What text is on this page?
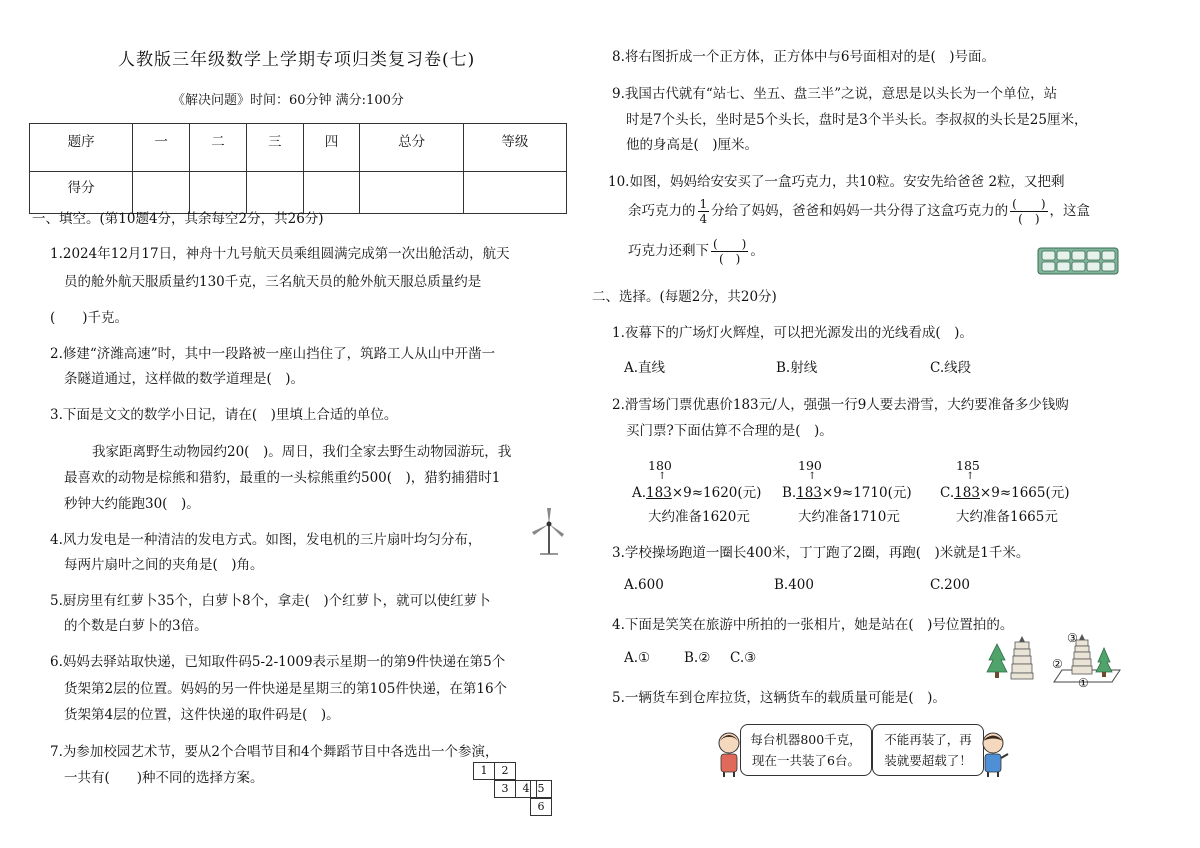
人教版三年级数学上学期专项归类复习卷(七)
《解决问题》时间：60分钟 满分:100分
题序	一	二	三	四	总分	等级
得分						
一、填空。(第10题4分，其余每空2分，共26分)
1.2024年12月17日，神舟十九号航天员乘组圆满完成第一次出舱活动，航天
员的舱外航天服质量约130千克，三名航天员的舱外航天服总质量约是
(　　)千克。
2.修建“济潍高速”时，其中一段路被一座山挡住了，筑路工人从山中开凿一
条隧道通过，这样做的数学道理是(　)。
3.下面是文文的数学小日记，请在(　)里填上合适的单位。
我家距离野生动物园约20(　)。周日，我们全家去野生动物园游玩，我
最喜欢的动物是棕熊和猎豹，最重的一头棕熊重约500(　)，猎豹捕猎时1
秒钟大约能跑30(　)。
4.风力发电是一种清洁的发电方式。如图，发电机的三片扇叶均匀分布，
每两片扇叶之间的夹角是(　)角。
5.厨房里有红萝卜35个，白萝卜8个，拿走(　)个红萝卜，就可以使红萝卜
的个数是白萝卜的3倍。
6.妈妈去驿站取快递，已知取件码5-2-1009表示星期一的第9件快递在第5个
货架第2层的位置。妈妈的另一件快递是星期三的第105件快递，在第16个
货架第4层的位置，这件快递的取件码是(　)。
7.为参加校园艺术节，要从2个合唱节目和4个舞蹈节目中各选出一个参演，
一共有(　　)种不同的选择方案。	1	2
3	4 5
6
8.将右图折成一个正方体，正方体中与6号面相对的是(　)号面。
9.我国古代就有“站七、坐五、盘三半”之说，意思是以头长为一个单位，站
时是7个头长，坐时是5个头长，盘时是3个半头长。李叔叔的头长是25厘米，
他的身高是(　)厘米。
10.如图，妈妈给安安买了一盒巧克力，共10粒。安安先给爸爸 2粒，又把剩
余巧克力的 $\frac{1}{4}$ 分给了妈妈，爸爸和妈妈一共分得了这盒巧克力的 $\frac{( )}{( )}$ ，这盒
巧克力还剩下 $\frac{( )}{( )}$ 。
二、选择。(每题2分，共20分)
1.夜幕下的广场灯火辉煌，可以把光源发出的光线看成(　)。
A.直线	B.射线	C.线段
2.滑雪场门票优惠价183元/人，强强一行9人要去滑雪，大约要准备多少钱购
买门票?下面估算不合理的是(　)。
180
↑
A.183×9≈1620(元)
大约准备1620元
190
↑
B.183×9≈1710(元)
大约准备1710元
185
↑
C.183×9≈1665(元)
大约准备1665元
3.学校操场跑道一圈长400米，丁丁跑了2圈，再跑(　)米就是1千米。
A.600	B.400	C.200
4.下面是笑笑在旅游中所拍的一张相片，她是站在(　)号位置拍的。
A.①	B.② C.③
③
②
①
5.一辆货车到仓库拉货，这辆货车的载质量可能是(　)。
每台机器800千克，现在一共装了6台。
不能再装了，再装就要超载了！
